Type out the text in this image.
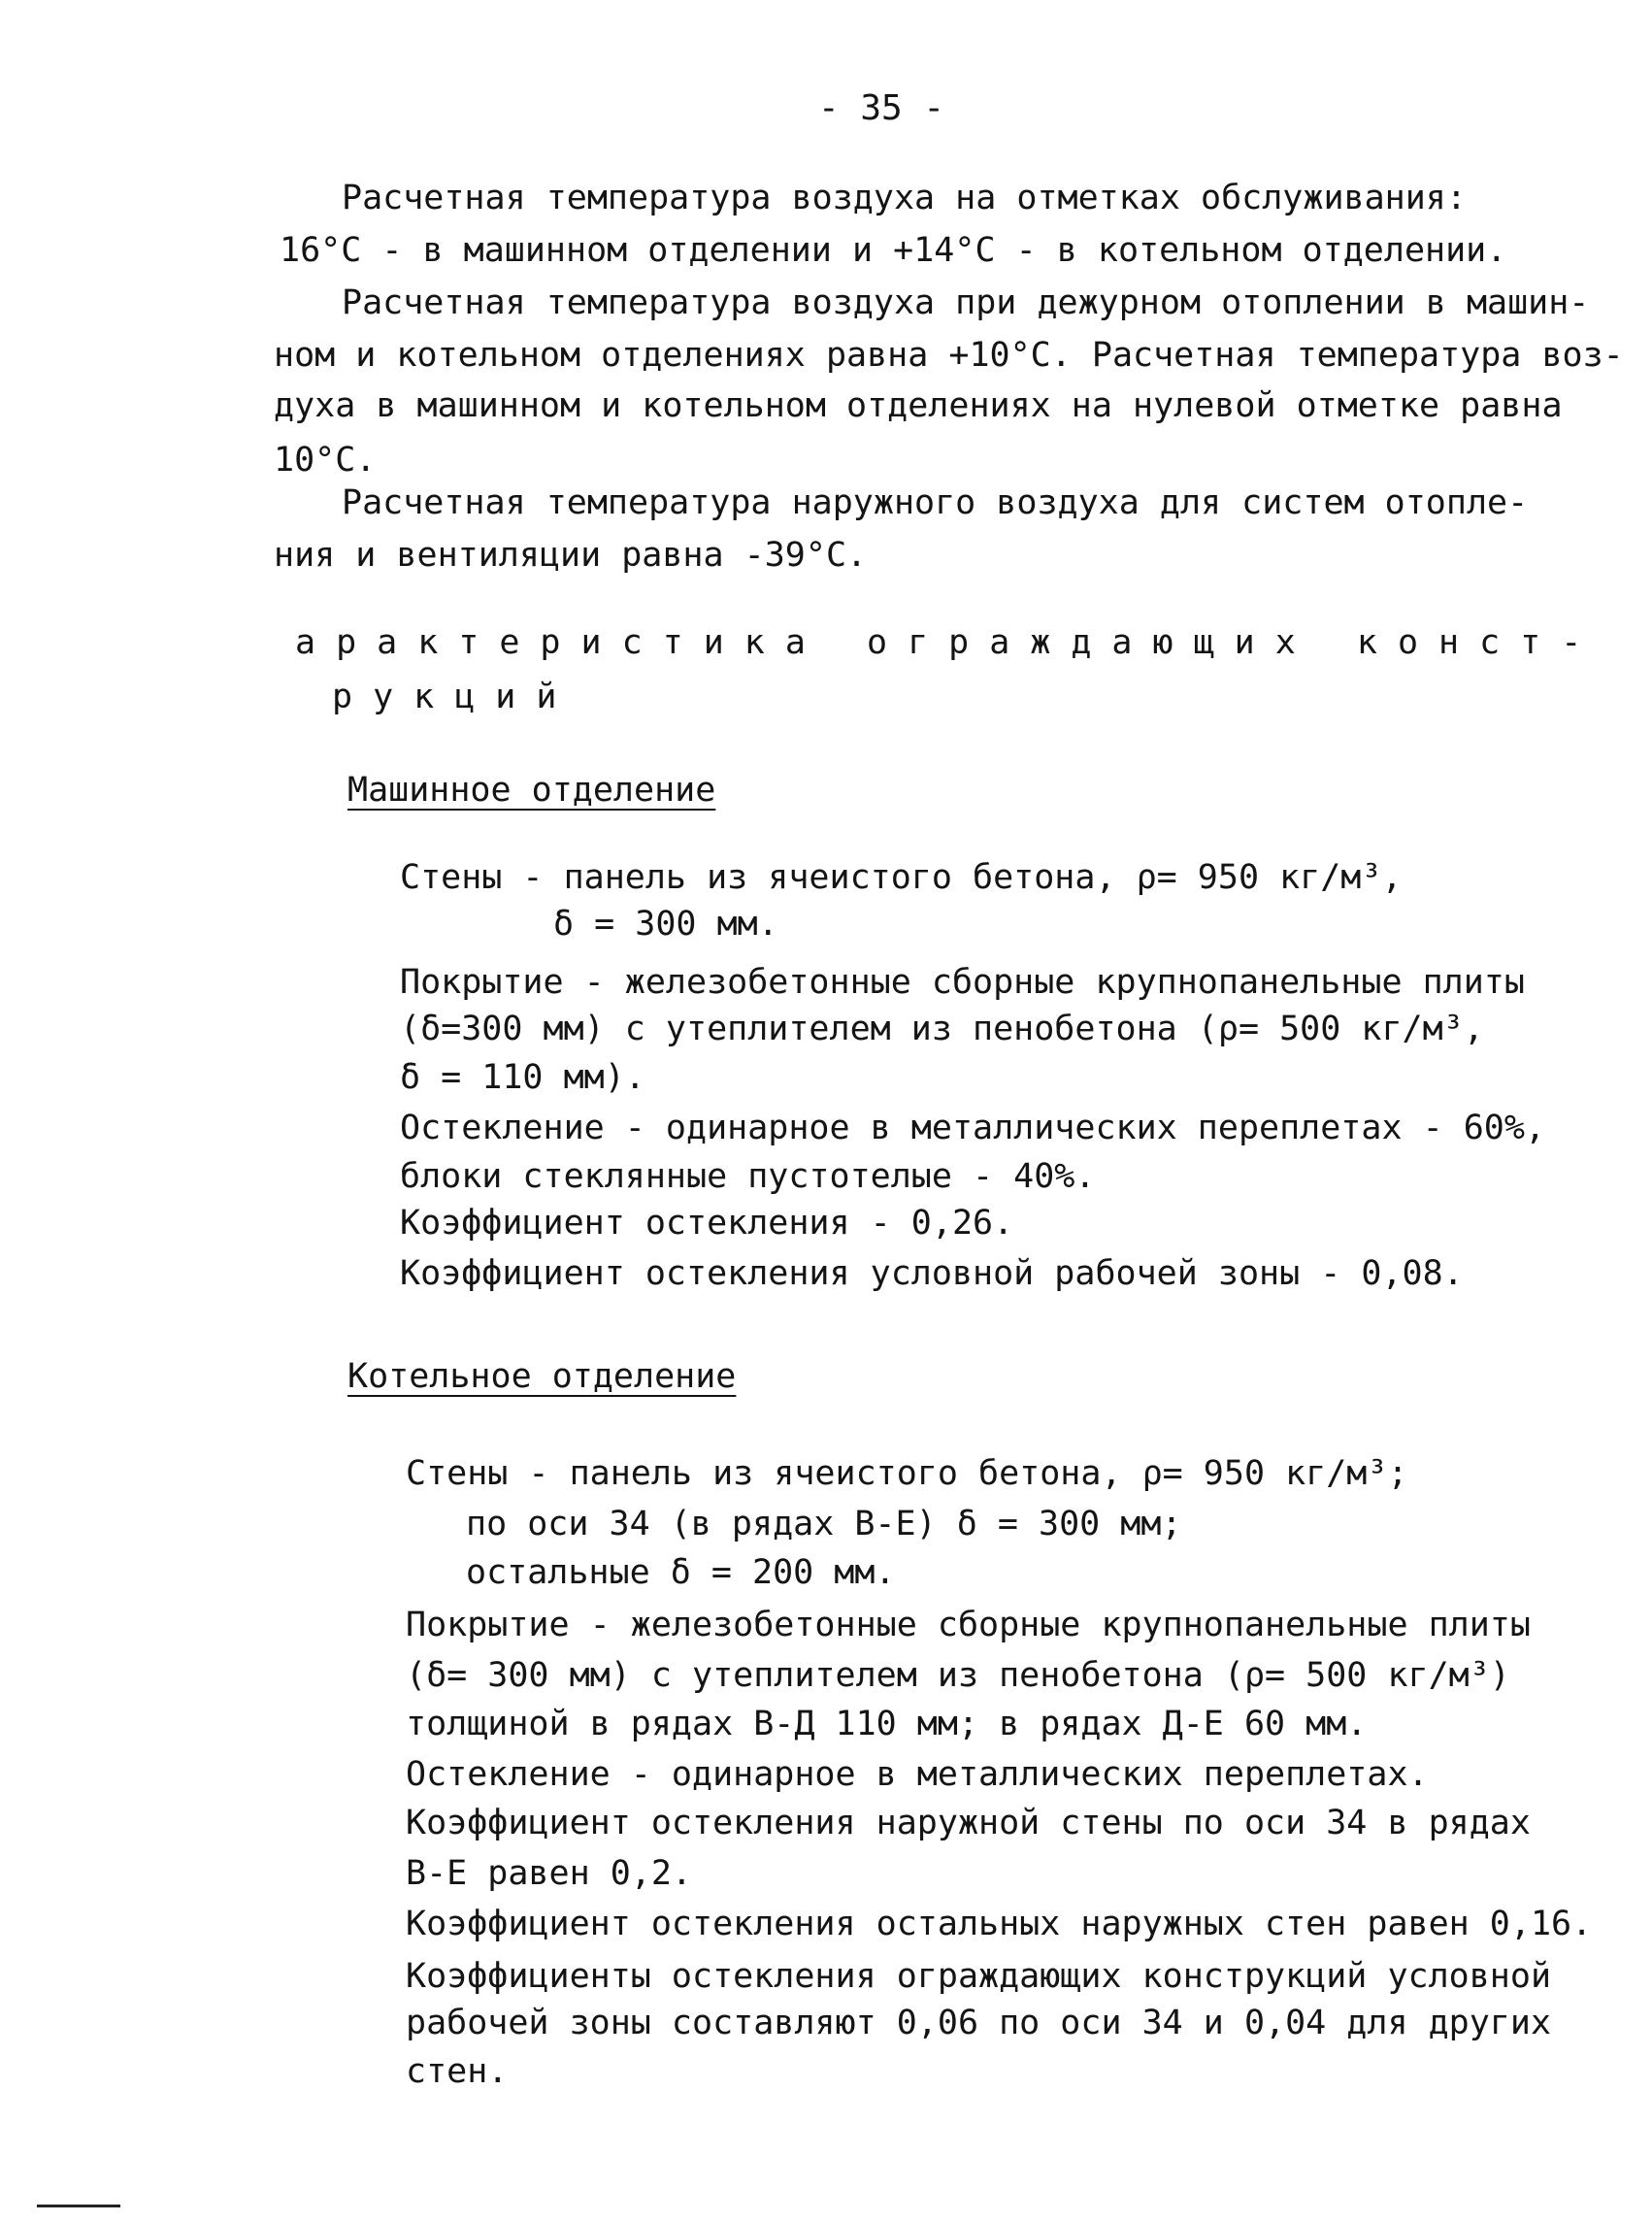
- 35 -
Расчетная температура воздуха на отметках обслуживания:
16°С - в машинном отделении и +14°С - в котельном отделении.
Расчетная температура воздуха при дежурном отоплении в машин-
ном и котельном отделениях равна +10°С. Расчетная температура воз-
духа в машинном и котельном отделениях на нулевой отметке равна
10°С.
Расчетная температура наружного воздуха для систем отопле-
ния и вентиляции равна -39°С.
арактеристика ограждающих конст-
рукций
Машинное отделение
Стены - панель из ячеистого бетона, ρ= 950 кг/м³,
δ = 300 мм.
Покрытие - железобетонные сборные крупнопанельные плиты
(δ=300 мм) с утеплителем из пенобетона (ρ= 500 кг/м³,
δ = 110 мм).
Остекление - одинарное в металлических переплетах - 60%,
блоки стеклянные пустотелые - 40%.
Коэффициент остекления - 0,26.
Коэффициент остекления условной рабочей зоны - 0,08.
Котельное отделение
Стены - панель из ячеистого бетона, ρ= 950 кг/м³;
по оси 34 (в рядах В-Е) δ = 300 мм;
остальные δ = 200 мм.
Покрытие - железобетонные сборные крупнопанельные плиты
(δ= 300 мм) с утеплителем из пенобетона (ρ= 500 кг/м³)
толщиной в рядах В-Д 110 мм; в рядах Д-Е 60 мм.
Остекление - одинарное в металлических переплетах.
Коэффициент остекления наружной стены по оси 34 в рядах
В-Е равен 0,2.
Коэффициент остекления остальных наружных стен равен 0,16.
Коэффициенты остекления ограждающих конструкций условной
рабочей зоны составляют 0,06 по оси 34 и 0,04 для других
стен.
